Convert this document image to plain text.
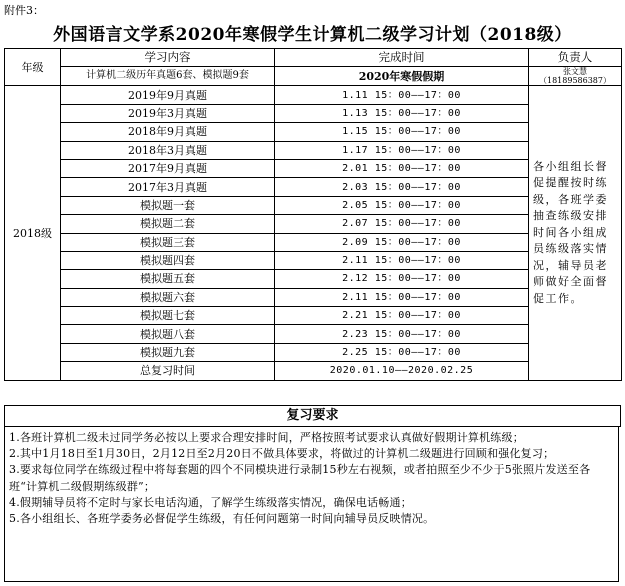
附件3：
外国语言文学系2020年寒假学生计算机二级学习计划（2018级）
年级	学习内容	完成时间	负责人
	计算机二级历年真题6套、模拟题9套	2020年寒假假期	张文慧
（18189586387）

2018级	2019年9月真题	1.11 15：00——17：00	各小组组长督促提醒按时练级，各班学委抽查练级安排时间各小组成员练级落实情况，辅导员老师做好全面督促工作。
	2019年3月真题	1.13 15：00——17：00	
	2018年9月真题	1.15 15：00——17：00	
	2018年3月真题	1.17 15：00——17：00	
	2017年9月真题	2.01 15：00——17：00	
	2017年3月真题	2.03 15：00——17：00	
	模拟题一套	2.05 15：00——17：00	
	模拟题二套	2.07 15：00——17：00	
	模拟题三套	2.09 15：00——17：00	
	模拟题四套	2.11 15：00——17：00	
	模拟题五套	2.12 15：00——17：00	
	模拟题六套	2.11 15：00——17：00	
	模拟题七套	2.21 15：00——17：00	
	模拟题八套	2.23 15：00——17：00	
	模拟题九套	2.25 15：00——17：00	
	总复习时间	2020.01.10——2020.02.25	
复习要求
1.各班计算机二级未过同学务必按以上要求合理安排时间，严格按照考试要求认真做好假期计算机练级；
2.其中1月18日至1月30日，2月12日至2月20日不做具体要求，将做过的计算机二级题进行回顾和强化复习；
3.要求每位同学在练级过程中将每套题的四个不同模块进行录制15秒左右视频，或者拍照至少不少于5张照片发送至各班“计算机二级假期练级群”；
4.假期辅导员将不定时与家长电话沟通，了解学生练级落实情况，确保电话畅通；
5.各小组组长、各班学委务必督促学生练级，有任何问题第一时间向辅导员反映情况。
